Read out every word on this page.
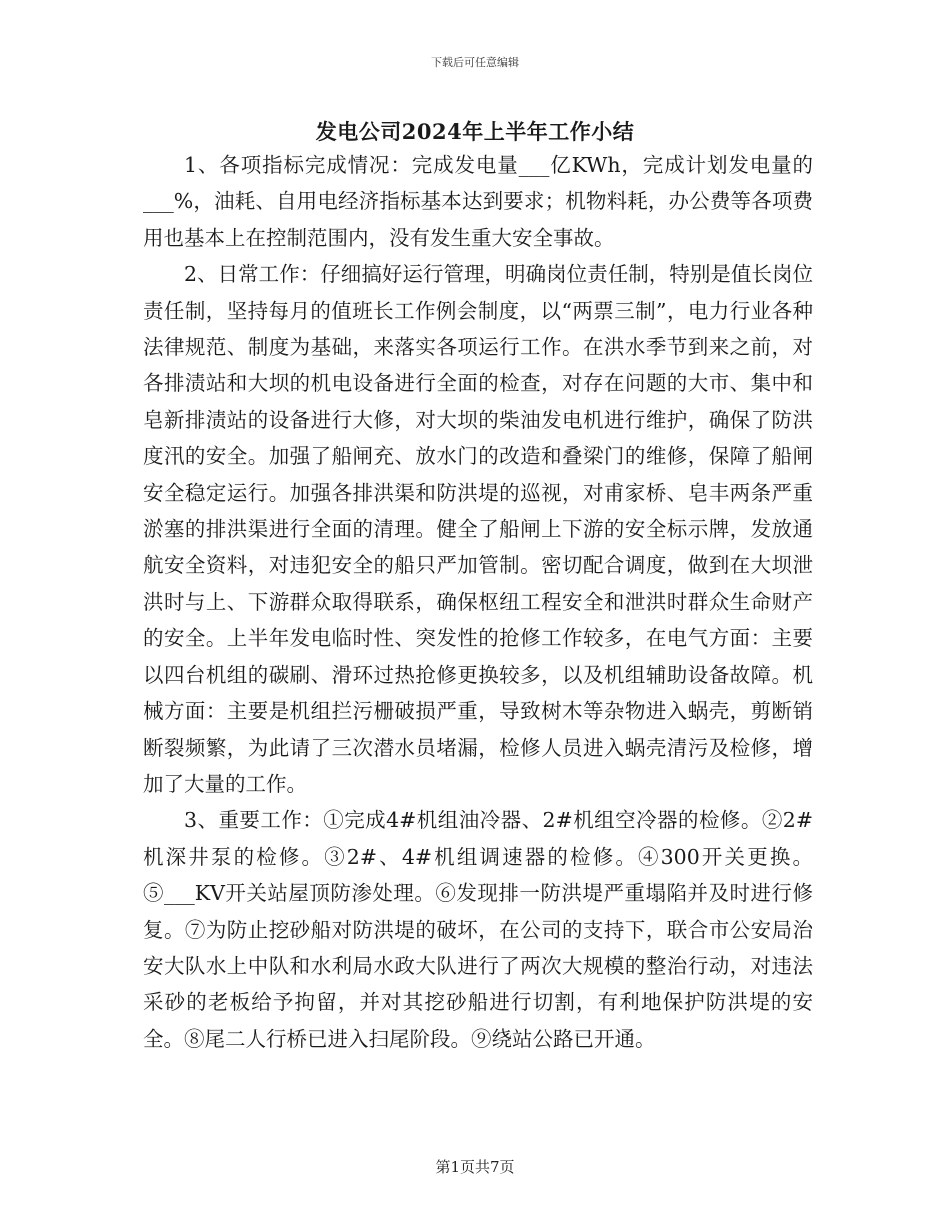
下载后可任意编辑
发电公司2024年上半年工作小结

1、各项指标完成情况：完成发电量___亿KWh，完成计划发电量的___%，油耗、自用电经济指标基本达到要求；机物料耗，办公费等各项费用也基本上在控制范围内，没有发生重大安全事故。

2、日常工作：仔细搞好运行管理，明确岗位责任制，特别是值长岗位责任制，坚持每月的值班长工作例会制度，以“两票三制”，电力行业各种法律规范、制度为基础，来落实各项运行工作。在洪水季节到来之前，对各排渍站和大坝的机电设备进行全面的检查，对存在问题的大市、集中和皂新排渍站的设备进行大修，对大坝的柴油发电机进行维护，确保了防洪度汛的安全。加强了船闸充、放水门的改造和叠梁门的维修，保障了船闸安全稳定运行。加强各排洪渠和防洪堤的巡视，对甫家桥、皂丰两条严重淤塞的排洪渠进行全面的清理。健全了船闸上下游的安全标示牌，发放通航安全资料，对违犯安全的船只严加管制。密切配合调度，做到在大坝泄洪时与上、下游群众取得联系，确保枢纽工程安全和泄洪时群众生命财产的安全。上半年发电临时性、突发性的抢修工作较多，在电气方面：主要以四台机组的碳刷、滑环过热抢修更换较多，以及机组辅助设备故障。机械方面：主要是机组拦污栅破损严重，导致树木等杂物进入蜗壳，剪断销断裂频繁，为此请了三次潜水员堵漏，检修人员进入蜗壳清污及检修，增加了大量的工作。

3、重要工作：①完成4#机组油冷器、2#机组空冷器的检修。②2#机深井泵的检修。③2#、4#机组调速器的检修。④300开关更换。⑤___KV开关站屋顶防渗处理。⑥发现排一防洪堤严重塌陷并及时进行修复。⑦为防止挖砂船对防洪堤的破坏，在公司的支持下，联合市公安局治安大队水上中队和水利局水政大队进行了两次大规模的整治行动，对违法采砂的老板给予拘留，并对其挖砂船进行切割，有利地保护防洪堤的安全。⑧尾二人行桥已进入扫尾阶段。⑨绕站公路已开通。

第1页共7页
